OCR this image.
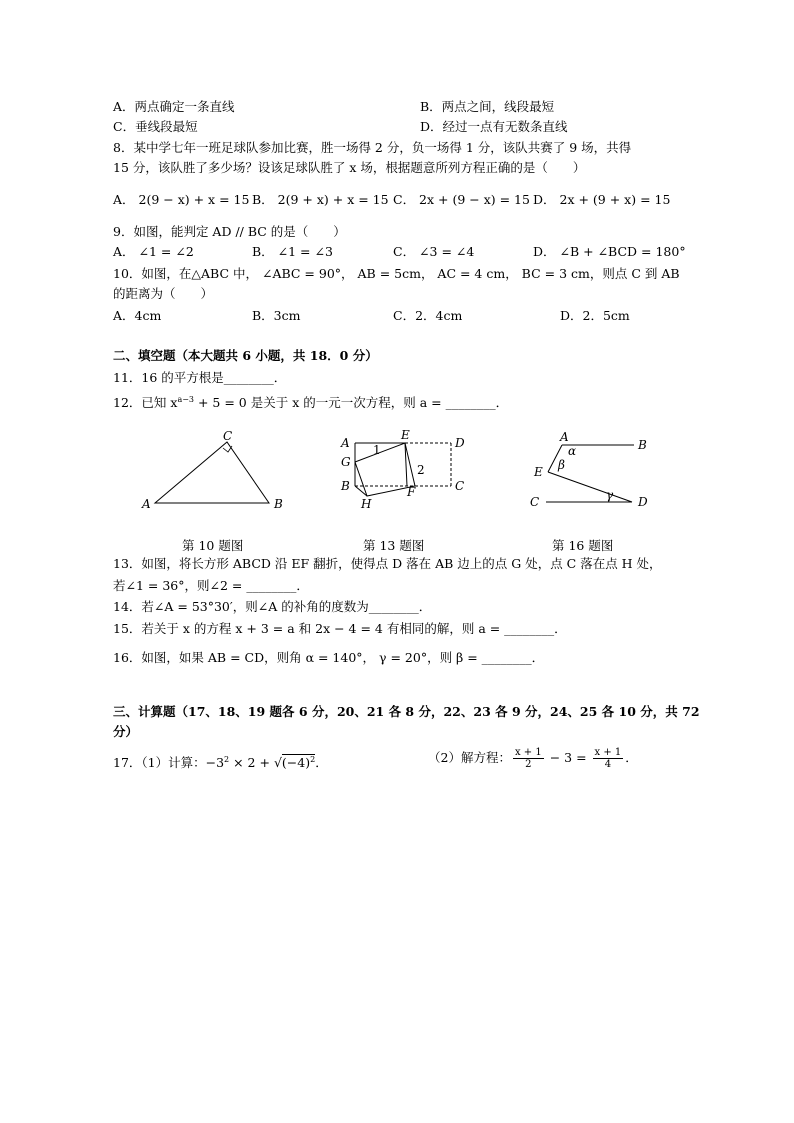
A．两点确定一条直线	B．两点之间，线段最短
C．垂线段最短	D．经过一点有无数条直线
8．某中学七年一班足球队参加比赛，胜一场得 2 分，负一场得 1 分，该队共赛了 9 场，共得
15 分，该队胜了多少场？设该足球队胜了 x 场，根据题意所列方程正确的是（　　）
A． 2(9 − x) + x = 15 B． 2(9 + x) + x = 15 C． 2x + (9 − x) = 15 D． 2x + (9 + x) = 15
9．如图，能判定 AD // BC 的是（　　）
A． ∠1 = ∠2	B． ∠1 = ∠3	C． ∠3 = ∠4	D． ∠B + ∠BCD = 180°
10．如图，在△ABC 中， ∠ABC = 90°， AB = 5cm， AC = 4 cm， BC = 3 cm，则点 C 到 AB
的距离为（　　）
A．4cm	B．3cm	C．2．4cm	D．2．5cm
二、填空题（本大题共 6 小题，共 18．0 分）
11．16 的平方根是________．
12．已知 $x^{a-3} + 5 = 0$ 是关于 x 的一元一次方程，则 a = ________．
A	B
C
第 10 题图
A
G
B
E
D
C
F
H
1
2
第 13 题图
A
B
E
C	D
α
β
γ
第 16 题图
13．如图，将长方形 ABCD 沿 EF 翻折，使得点 D 落在 AB 边上的点 G 处，点 C 落在点 H 处，
若∠1 = 36°，则∠2 = ________．
14．若∠A = 53°30′，则∠A 的补角的度数为________．
15．若关于 x 的方程 x + 3 = a 和 2x − 4 = 4 有相同的解，则 a = ________．
16．如图，如果 AB = CD，则角 α = 140°， γ = 20°，则 β = ________．
三、计算题（17、18、19 题各 6 分，20、21 各 8 分，22、23 各 9 分，24、25 各 10 分，共 72
分）
17．（1）计算：$-3^2 \times 2 + √(-4)^2$．	（2）解方程： $\frac{x + 1}{2} - 3 = \frac{x + 1}{4}$ ．
